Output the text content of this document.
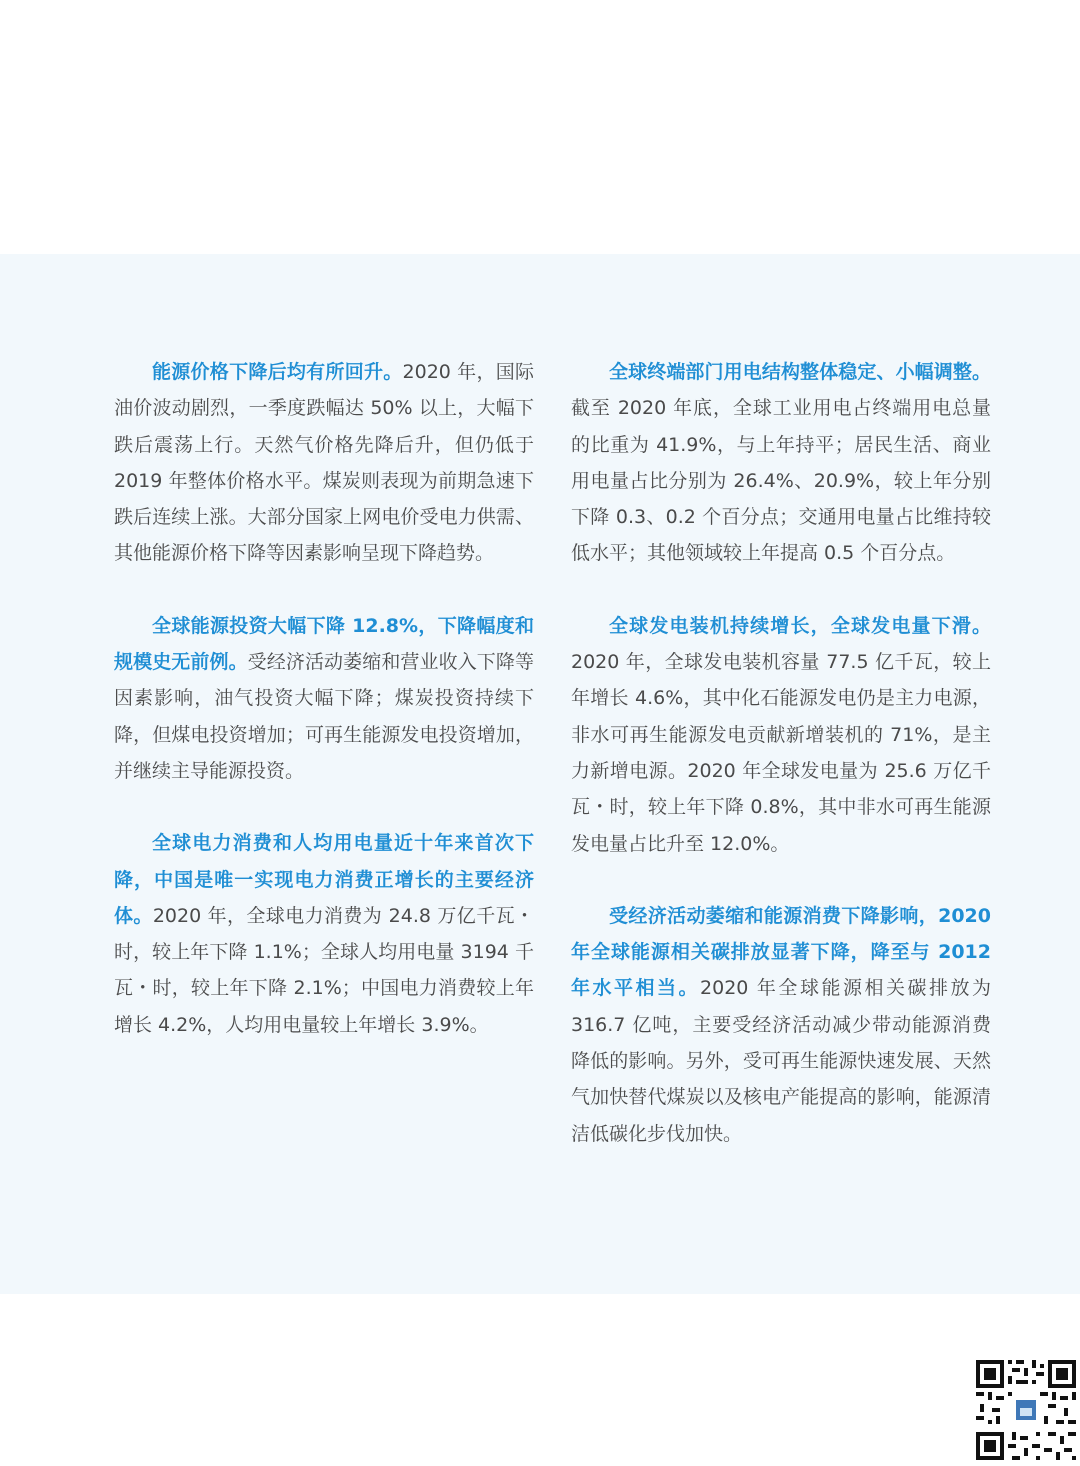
能源价格下降后均有所回升。2020 年，国际油价波动剧烈，一季度跌幅达 50% 以上，大幅下跌后震荡上行。天然气价格先降后升，但仍低于 2019 年整体价格水平。煤炭则表现为前期急速下跌后连续上涨。大部分国家上网电价受电力供需、其他能源价格下降等因素影响呈现下降趋势。

全球能源投资大幅下降 12.8%，下降幅度和规模史无前例。受经济活动萎缩和营业收入下降等因素影响，油气投资大幅下降；煤炭投资持续下降，但煤电投资增加；可再生能源发电投资增加，并继续主导能源投资。

全球电力消费和人均用电量近十年来首次下降，中国是唯一实现电力消费正增长的主要经济体。2020 年，全球电力消费为 24.8 万亿千瓦・时，较上年下降 1.1%；全球人均用电量 3194 千瓦・时，较上年下降 2.1%；中国电力消费较上年增长 4.2%，人均用电量较上年增长 3.9%。

全球终端部门用电结构整体稳定、小幅调整。截至 2020 年底，全球工业用电占终端用电总量的比重为 41.9%，与上年持平；居民生活、商业用电量占比分别为 26.4%、20.9%，较上年分别下降 0.3、0.2 个百分点；交通用电量占比维持较低水平；其他领域较上年提高 0.5 个百分点。

全球发电装机持续增长，全球发电量下滑。2020 年，全球发电装机容量 77.5 亿千瓦，较上年增长 4.6%，其中化石能源发电仍是主力电源，非水可再生能源发电贡献新增装机的 71%，是主力新增电源。2020 年全球发电量为 25.6 万亿千瓦・时，较上年下降 0.8%，其中非水可再生能源发电量占比升至 12.0%。

受经济活动萎缩和能源消费下降影响，2020 年全球能源相关碳排放显著下降，降至与 2012 年水平相当。2020 年全球能源相关碳排放为 316.7 亿吨，主要受经济活动减少带动能源消费降低的影响。另外，受可再生能源快速发展、天然气加快替代煤炭以及核电产能提高的影响，能源清洁低碳化步伐加快。
